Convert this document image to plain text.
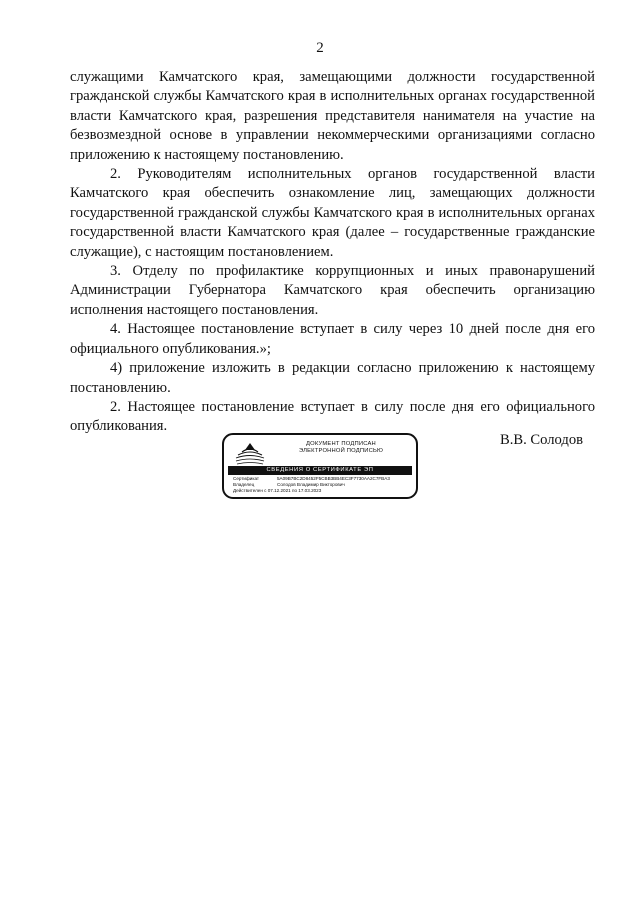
2

служащими Камчатского края, замещающими должности государственной гражданской службы Камчатского края в исполнительных органах государственной власти Камчатского края, разрешения представителя нанимателя на участие на безвозмездной основе в управлении некоммерческими организациями согласно приложению к настоящему постановлению.

2. Руководителям исполнительных органов государственной власти Камчатского края обеспечить ознакомление лиц, замещающих должности государственной гражданской службы Камчатского края в исполнительных органах государственной власти Камчатского края (далее – государственные гражданские служащие), с настоящим постановлением.

3. Отделу по профилактике коррупционных и иных правонарушений Администрации Губернатора Камчатского края обеспечить организацию исполнения настоящего постановления.

4. Настоящее постановление вступает в силу через 10 дней после дня его официального опубликования.»;

4) приложение изложить в редакции согласно приложению к настоящему постановлению.

2. Настоящее постановление вступает в силу после дня его официального опубликования.

ДОКУМЕНТ ПОДПИСАН
ЭЛЕКТРОННОЙ ПОДПИСЬЮ
СВЕДЕНИЯ О СЕРТИФИКАТЕ ЭП
Сертификат	5A09B7BC2D8452F5CBB3BB4EC3F7730AA2C7FBA3
Владелец	Солодов Владимир Викторович
Действителен с 07.12.2021 по 17.03.2023
В.В. Солодов
